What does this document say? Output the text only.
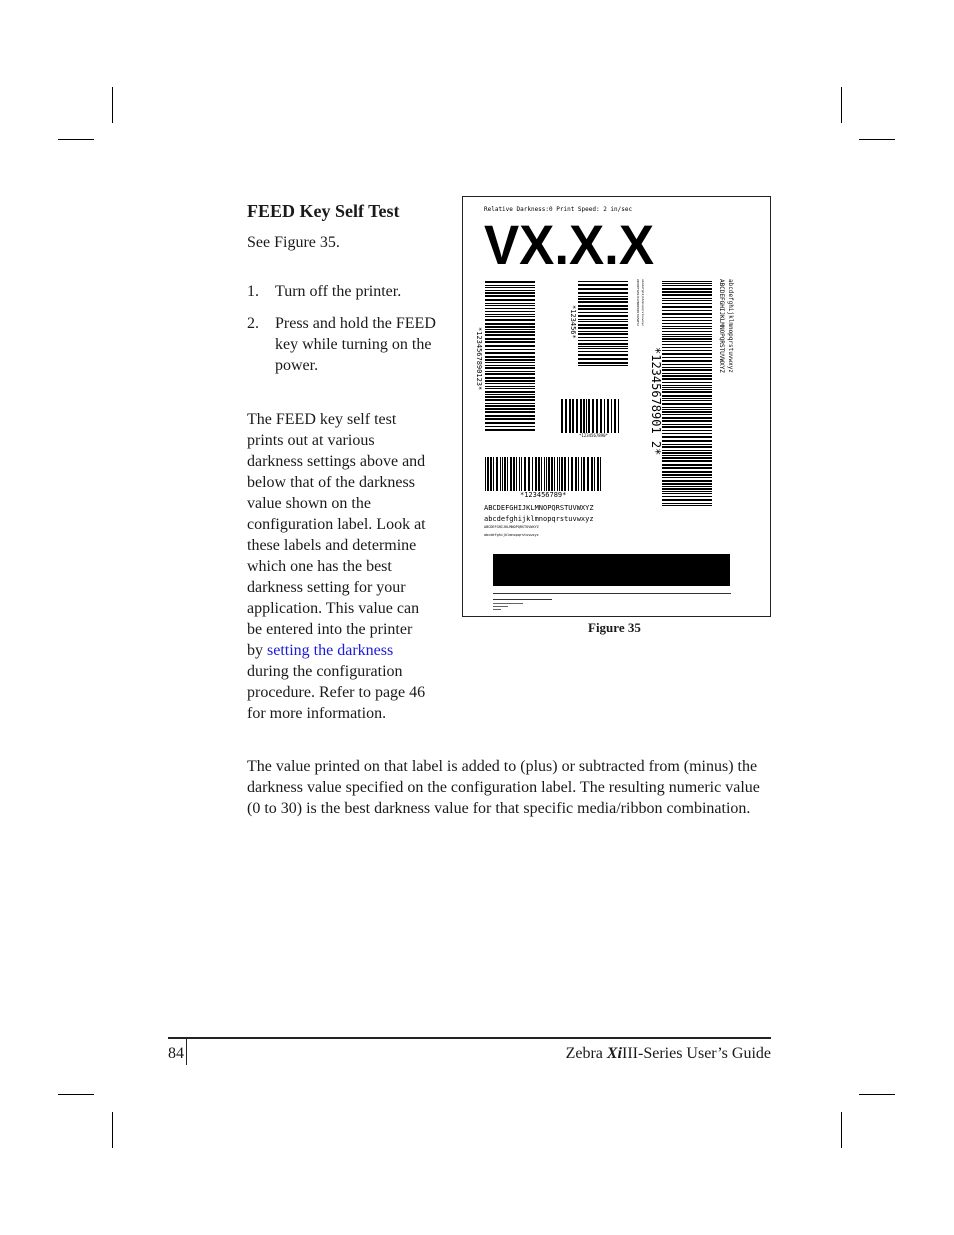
FEED Key Self Test

See Figure 35.

1.	Turn off the printer.
2.	Press and hold the FEED key while turning on the power.

The FEED key self test prints out at various darkness settings above and below that of the darkness value shown on the configuration label. Look at these labels and determine which one has the best darkness setting for your application. This value can be entered into the printer by setting the darkness during the configuration procedure. Refer to page 46 for more information.

Relative Darkness:0 Print Speed: 2 in/sec
VX.X.X
*1234567890123*
*123456*
*1234567890*
*123456789*
*12345678901 2*
abcdefghijklmnopqrstuvwxyz
ABCDEFGHIJKLMNOPQRSTUVWXYZ
abcdefghijklmnopqrstuvwxyz
ABCDEFGHIJKLMNOPQRSTUVWXYZ
ABCDEFGHIJKLMNOPQRSTUVWXYZ
abcdefghijklmnopqrstuvwxyz
ABCDEFGHIJKLMNOPQRSTUVWXYZ
abcdefghijklmnopqrstuvwxyz
Figure 35

The value printed on that label is added to (plus) or subtracted from (minus) the darkness value specified on the configuration label. The resulting numeric value (0 to 30) is the best darkness value for that specific media/ribbon combination.

84	Zebra XiIII-Series User’s Guide
